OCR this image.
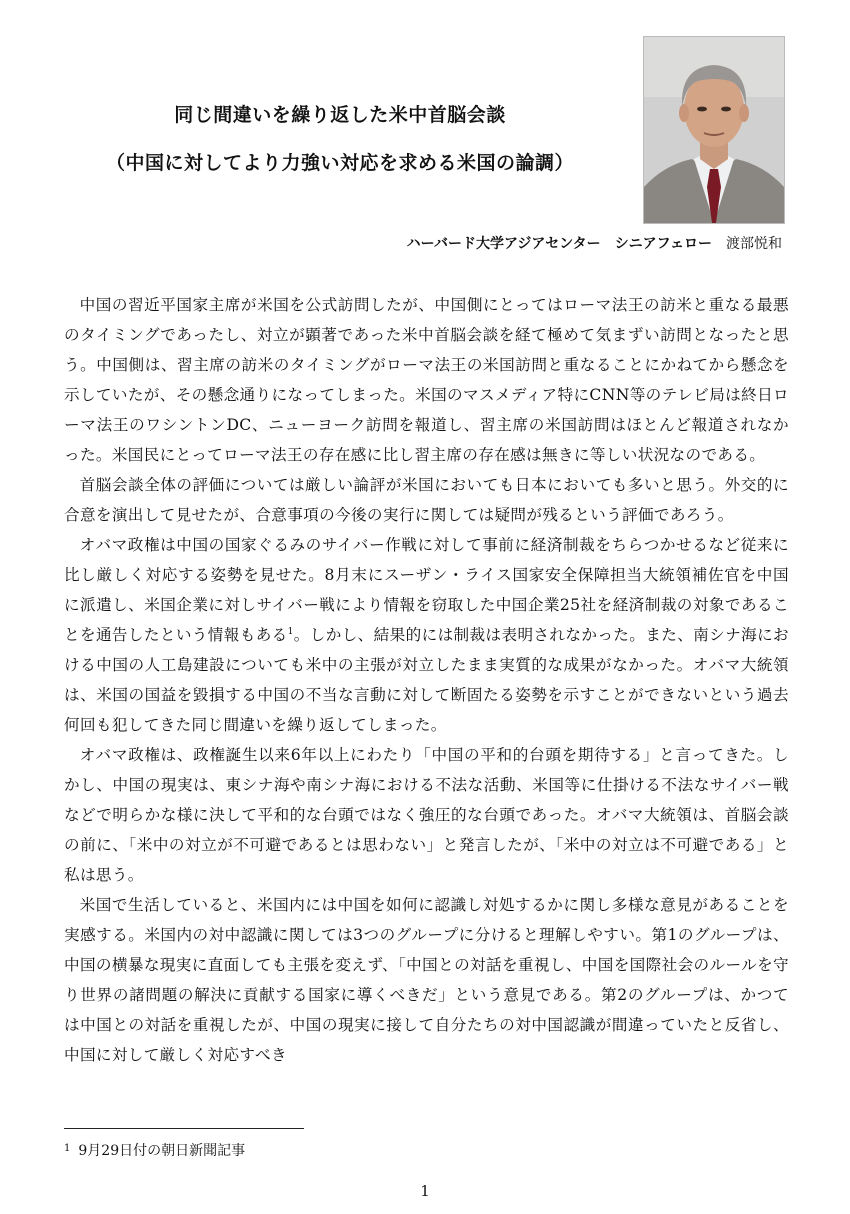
同じ間違いを繰り返した米中首脳会談
（中国に対してより力強い対応を求める米国の論調）
ハーバード大学アジアセンター シニアフェロー 渡部悦和

中国の習近平国家主席が米国を公式訪問したが、中国側にとってはローマ法王の訪米と重なる最悪のタイミングであったし、対立が顕著であった米中首脳会談を経て極めて気まずい訪問となったと思う。中国側は、習主席の訪米のタイミングがローマ法王の米国訪問と重なることにかねてから懸念を示していたが、その懸念通りになってしまった。米国のマスメディア特にCNN等のテレビ局は終日ローマ法王のワシントンDC、ニューヨーク訪問を報道し、習主席の米国訪問はほとんど報道されなかった。米国民にとってローマ法王の存在感に比し習主席の存在感は無きに等しい状況なのである。

首脳会談全体の評価については厳しい論評が米国においても日本においても多いと思う。外交的に合意を演出して見せたが、合意事項の今後の実行に関しては疑問が残るという評価であろう。

オバマ政権は中国の国家ぐるみのサイバー作戦に対して事前に経済制裁をちらつかせるなど従来に比し厳しく対応する姿勢を見せた。8月末にスーザン・ライス国家安全保障担当大統領補佐官を中国に派遣し、米国企業に対しサイバー戦により情報を窃取した中国企業25社を経済制裁の対象であることを通告したという情報もある$^1$。しかし、結果的には制裁は表明されなかった。また、南シナ海における中国の人工島建設についても米中の主張が対立したまま実質的な成果がなかった。オバマ大統領は、米国の国益を毀損する中国の不当な言動に対して断固たる姿勢を示すことができないという過去何回も犯してきた同じ間違いを繰り返してしまった。

オバマ政権は、政権誕生以来6年以上にわたり「中国の平和的台頭を期待する」と言ってきた。しかし、中国の現実は、東シナ海や南シナ海における不法な活動、米国等に仕掛ける不法なサイバー戦などで明らかな様に決して平和的な台頭ではなく強圧的な台頭であった。オバマ大統領は、首脳会談の前に、「米中の対立が不可避であるとは思わない」と発言したが、「米中の対立は不可避である」と私は思う。

米国で生活していると、米国内には中国を如何に認識し対処するかに関し多様な意見があることを実感する。米国内の対中認識に関しては3つのグループに分けると理解しやすい。第1のグループは、中国の横暴な現実に直面しても主張を変えず、「中国との対話を重視し、中国を国際社会のルールを守り世界の諸問題の解決に貢献する国家に導くべきだ」という意見である。第2のグループは、かつては中国との対話を重視したが、中国の現実に接して自分たちの対中国認識が間違っていたと反省し、中国に対して厳しく対応すべき

$^1$ 9月29日付の朝日新聞記事
1
